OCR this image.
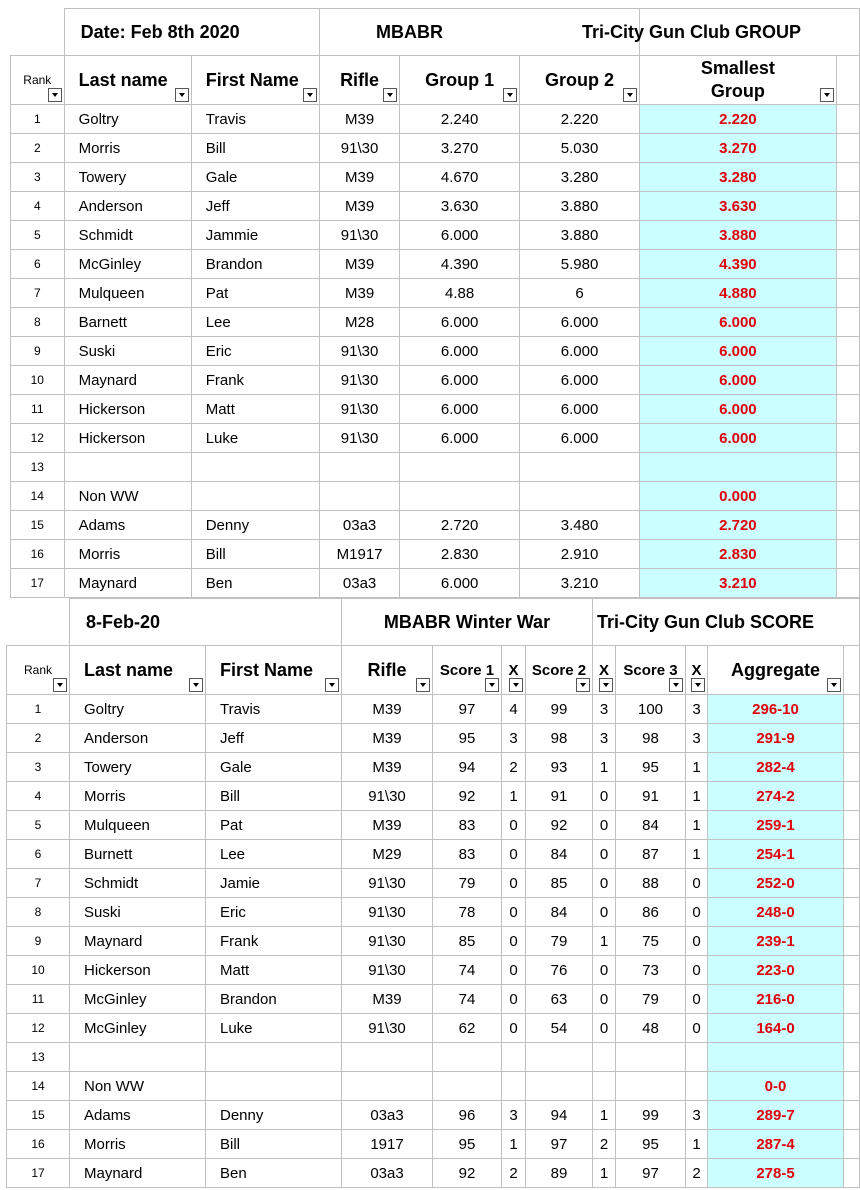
	Date: Feb 8th 2020		MBABR			Tri-City Gun Club GROUP	
Rank	Last name	First Name	Rifle	Group 1	Group 2	Smallest
Group

1	Goltry	Travis	M39	2.240	2.220	2.220	
2	Morris	Bill	91\30	3.270	5.030	3.270	
3	Towery	Gale	M39	4.670	3.280	3.280	
4	Anderson	Jeff	M39	3.630	3.880	3.630	
5	Schmidt	Jammie	91\30	6.000	3.880	3.880	
6	McGinley	Brandon	M39	4.390	5.980	4.390	
7	Mulqueen	Pat	M39	4.88	6	4.880	
8	Barnett	Lee	M28	6.000	6.000	6.000	
9	Suski	Eric	91\30	6.000	6.000	6.000	
10	Maynard	Frank	91\30	6.000	6.000	6.000	
11	Hickerson	Matt	91\30	6.000	6.000	6.000	
12	Hickerson	Luke	91\30	6.000	6.000	6.000	
13							
14	Non WW					0.000	
15	Adams	Denny	03a3	2.720	3.480	2.720	
16	Morris	Bill	M1917	2.830	2.910	2.830	
17	Maynard	Ben	03a3	6.000	3.210	3.210	
	8-Feb-20		MBABR Winter War				Tri-City Gun Club SCORE				
Rank	Last name	First Name	Rifle	Score 1	X	Score 2	X	Score 3	X	Aggregate

1	Goltry	Travis	M39	97	4	99	3	100	3	296-10	
2	Anderson	Jeff	M39	95	3	98	3	98	3	291-9	
3	Towery	Gale	M39	94	2	93	1	95	1	282-4	
4	Morris	Bill	91\30	92	1	91	0	91	1	274-2	
5	Mulqueen	Pat	M39	83	0	92	0	84	1	259-1	
6	Burnett	Lee	M29	83	0	84	0	87	1	254-1	
7	Schmidt	Jamie	91\30	79	0	85	0	88	0	252-0	
8	Suski	Eric	91\30	78	0	84	0	86	0	248-0	
9	Maynard	Frank	91\30	85	0	79	1	75	0	239-1	
10	Hickerson	Matt	91\30	74	0	76	0	73	0	223-0	
11	McGinley	Brandon	M39	74	0	63	0	79	0	216-0	
12	McGinley	Luke	91\30	62	0	54	0	48	0	164-0	
13											
14	Non WW									0-0	
15	Adams	Denny	03a3	96	3	94	1	99	3	289-7	
16	Morris	Bill	1917	95	1	97	2	95	1	287-4	
17	Maynard	Ben	03a3	92	2	89	1	97	2	278-5	
